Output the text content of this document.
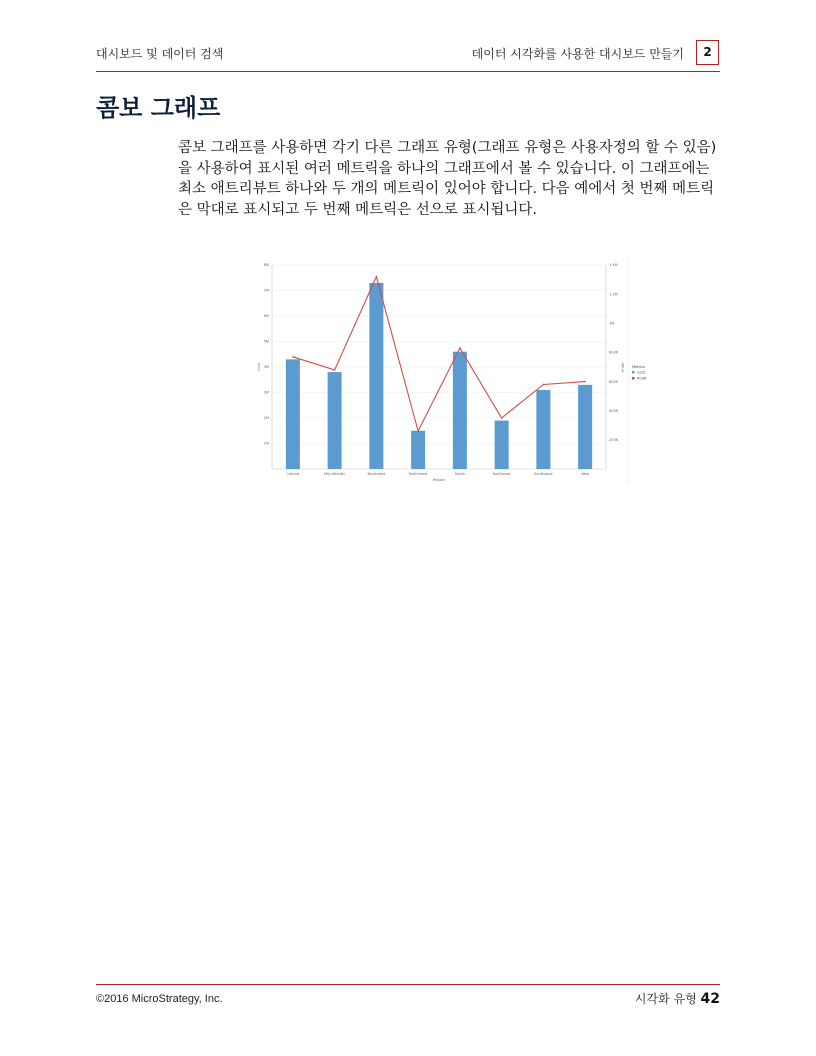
대시보드 및 데이터 검색	데이터 시각화를 사용한 대시보드 만들기	2
콤보 그래프

콤보 그래프를 사용하면 각기 다른 그래프 유형(그래프 유형은 사용자정의 할 수 있음)을 사용하여 표시된 여러 메트릭을 하나의 그래프에서 볼 수 있습니다. 이 그래프에는 최소 애트리뷰트 하나와 두 개의 메트릭이 있어야 합니다. 다음 예에서 첫 번째 메트릭은 막대로 표시되고 두 번째 메트릭은 선으로 표시됩니다.

1M
2M
3M
4M
5M
6M
7M
8M
200K
400K
600K
800K
1M
1.2M
1.4M
Central	Mid-Atlantic	Northeast	Northwest	South	Southeast	Southwest	Web
Region
Cost	Profit Metrics
Cost
Profit
©2016 MicroStrategy, Inc.	시각화 유형 42
